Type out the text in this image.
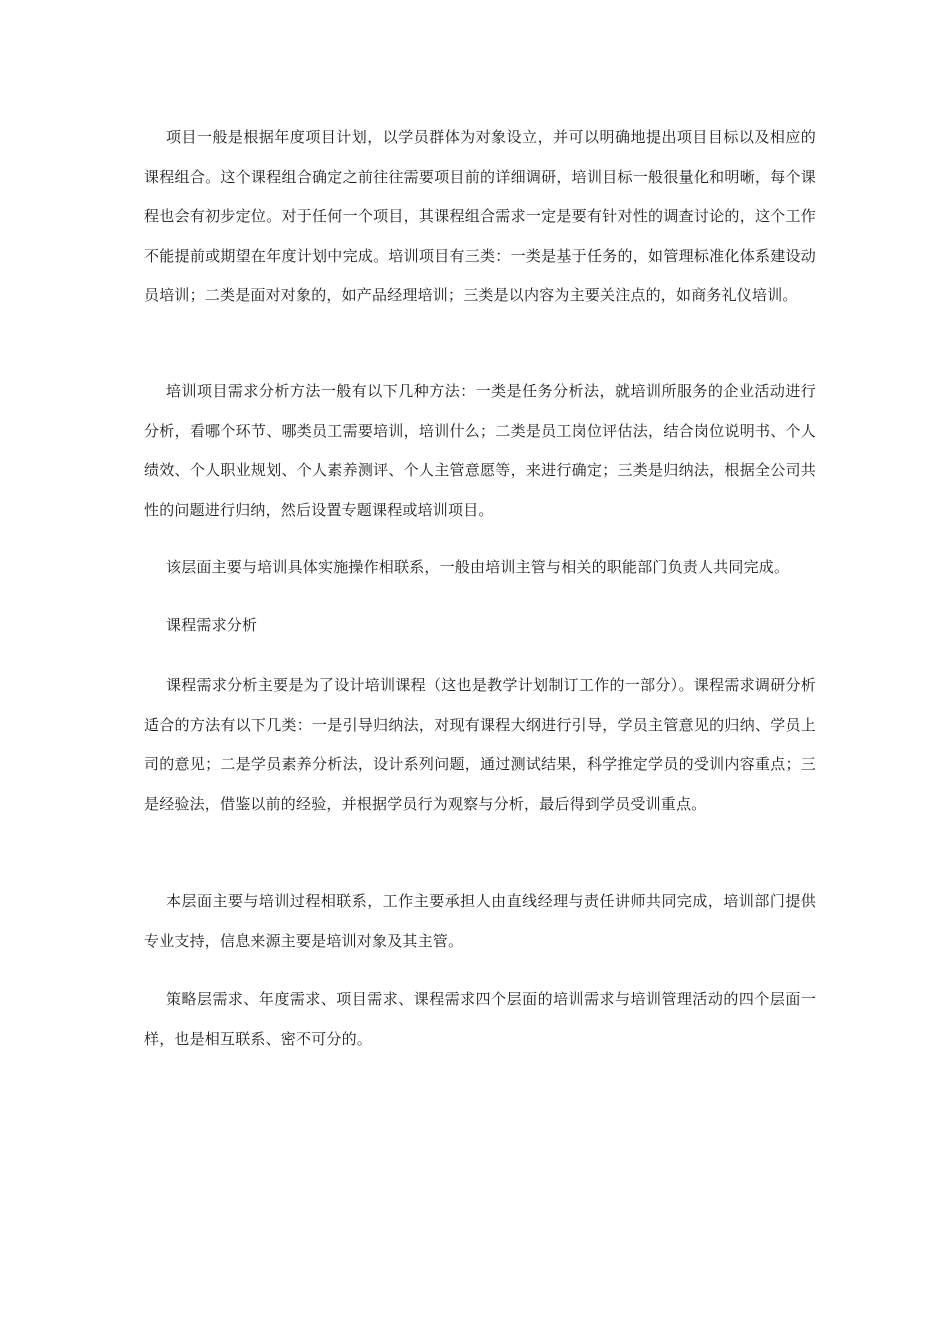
项目一般是根据年度项目计划，以学员群体为对象设立，并可以明确地提出项目目标以及相应的课程组合。这个课程组合确定之前往往需要项目前的详细调研，培训目标一般很量化和明晰，每个课程也会有初步定位。对于任何一个项目，其课程组合需求一定是要有针对性的调查讨论的，这个工作不能提前或期望在年度计划中完成。培训项目有三类：一类是基于任务的，如管理标准化体系建设动员培训；二类是面对对象的，如产品经理培训；三类是以内容为主要关注点的，如商务礼仪培训。

培训项目需求分析方法一般有以下几种方法：一类是任务分析法，就培训所服务的企业活动进行分析，看哪个环节、哪类员工需要培训，培训什么；二类是员工岗位评估法，结合岗位说明书、个人绩效、个人职业规划、个人素养测评、个人主管意愿等，来进行确定；三类是归纳法，根据全公司共性的问题进行归纳，然后设置专题课程或培训项目。

该层面主要与培训具体实施操作相联系，一般由培训主管与相关的职能部门负责人共同完成。

课程需求分析

课程需求分析主要是为了设计培训课程（这也是教学计划制订工作的一部分）。课程需求调研分析适合的方法有以下几类：一是引导归纳法，对现有课程大纲进行引导，学员主管意见的归纳、学员上司的意见；二是学员素养分析法，设计系列问题，通过测试结果，科学推定学员的受训内容重点；三是经验法，借鉴以前的经验，并根据学员行为观察与分析，最后得到学员受训重点。

本层面主要与培训过程相联系，工作主要承担人由直线经理与责任讲师共同完成，培训部门提供专业支持，信息来源主要是培训对象及其主管。

策略层需求、年度需求、项目需求、课程需求四个层面的培训需求与培训管理活动的四个层面一样，也是相互联系、密不可分的。
